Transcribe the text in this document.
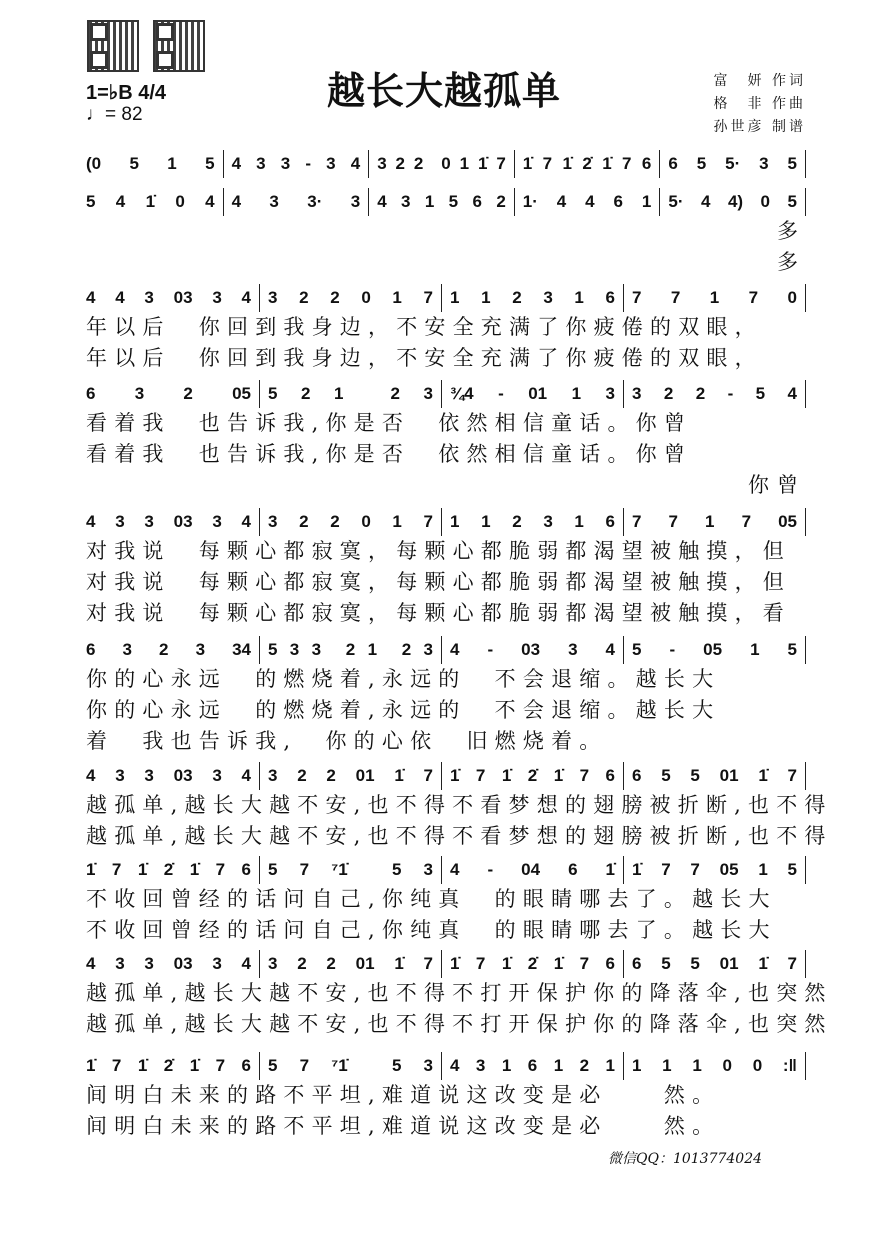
1=♭B 4/4
♩= 82
越长大越孤单	富　妍 作词
格　非 作曲
孙世彦 制谱
(0 5 1 5	4 3 3 - 3 4	3 2 2  0 1 1̇ 7	1̇ 7 1̇ 2̇ 1̇ 7 6	6 5 5· 3 5
5 4 1̇ 0 4	4 3 3· 3	4 3 1 5 6 2	1· 4 4 6 1	5· 4 4) 0 5
多
多
4 4 3 03 3 4	3 2 2 0 1 7	1 1 2 3 1 6	7 7 1 7 0
年以后　你回到我身边，不安全充满了你疲倦的双眼，
年以后　你回到我身边，不安全充满了你疲倦的双眼，
6 3 2 05	5 2 1  2 3	¾4 - 01 1 3	3 2 2 - 5 4
看着我　也告诉我,你是否　依然相信童话。你曾
看着我　也告诉我,你是否　依然相信童话。你曾
你曾
4 3 3 03 3 4	3 2 2 0 1 7	1 1 2 3 1 6	7 7 1 7 05
对我说　每颗心都寂寞，每颗心都脆弱都渴望被触摸，但
对我说　每颗心都寂寞，每颗心都脆弱都渴望被触摸，但
对我说　每颗心都寂寞，每颗心都脆弱都渴望被触摸，看
6 3 2 3 34	5 3 3  2 1  2 3	4 - 03 3 4	5 - 05 1 5
你的心永远　的燃烧着,永远的　不会退缩。越长大
你的心永远　的燃烧着,永远的　不会退缩。越长大
着　我也告诉我,　你的心依　旧燃烧着。
4 3 3 03 3 4	3 2 2 01 1̇ 7	1̇ 7 1̇ 2̇ 1̇ 7 6	6 5 5 01 1̇ 7
越孤单,越长大越不安,也不得不看梦想的翅膀被折断,也不得
越孤单,越长大越不安,也不得不看梦想的翅膀被折断,也不得
1̇ 7 1̇ 2̇ 1̇ 7 6	5 7 ⁷1̇  5 3	4 - 04 6 1̇	1̇ 7 7 05 1 5
不收回曾经的话问自己,你纯真　的眼睛哪去了。越长大
不收回曾经的话问自己,你纯真　的眼睛哪去了。越长大
4 3 3 03 3 4	3 2 2 01 1̇ 7	1̇ 7 1̇ 2̇ 1̇ 7 6	6 5 5 01 1̇ 7
越孤单,越长大越不安,也不得不打开保护你的降落伞,也突然
越孤单,越长大越不安,也不得不打开保护你的降落伞,也突然
1̇ 7 1̇ 2̇ 1̇ 7 6	5 7 ⁷1̇  5 3	4 3 1 6 1 2 1	1 1 1 0 0 :‖
间明白未来的路不平坦,难道说这改变是必　　然。
间明白未来的路不平坦,难道说这改变是必　　然。
微信QQ：1013774024
